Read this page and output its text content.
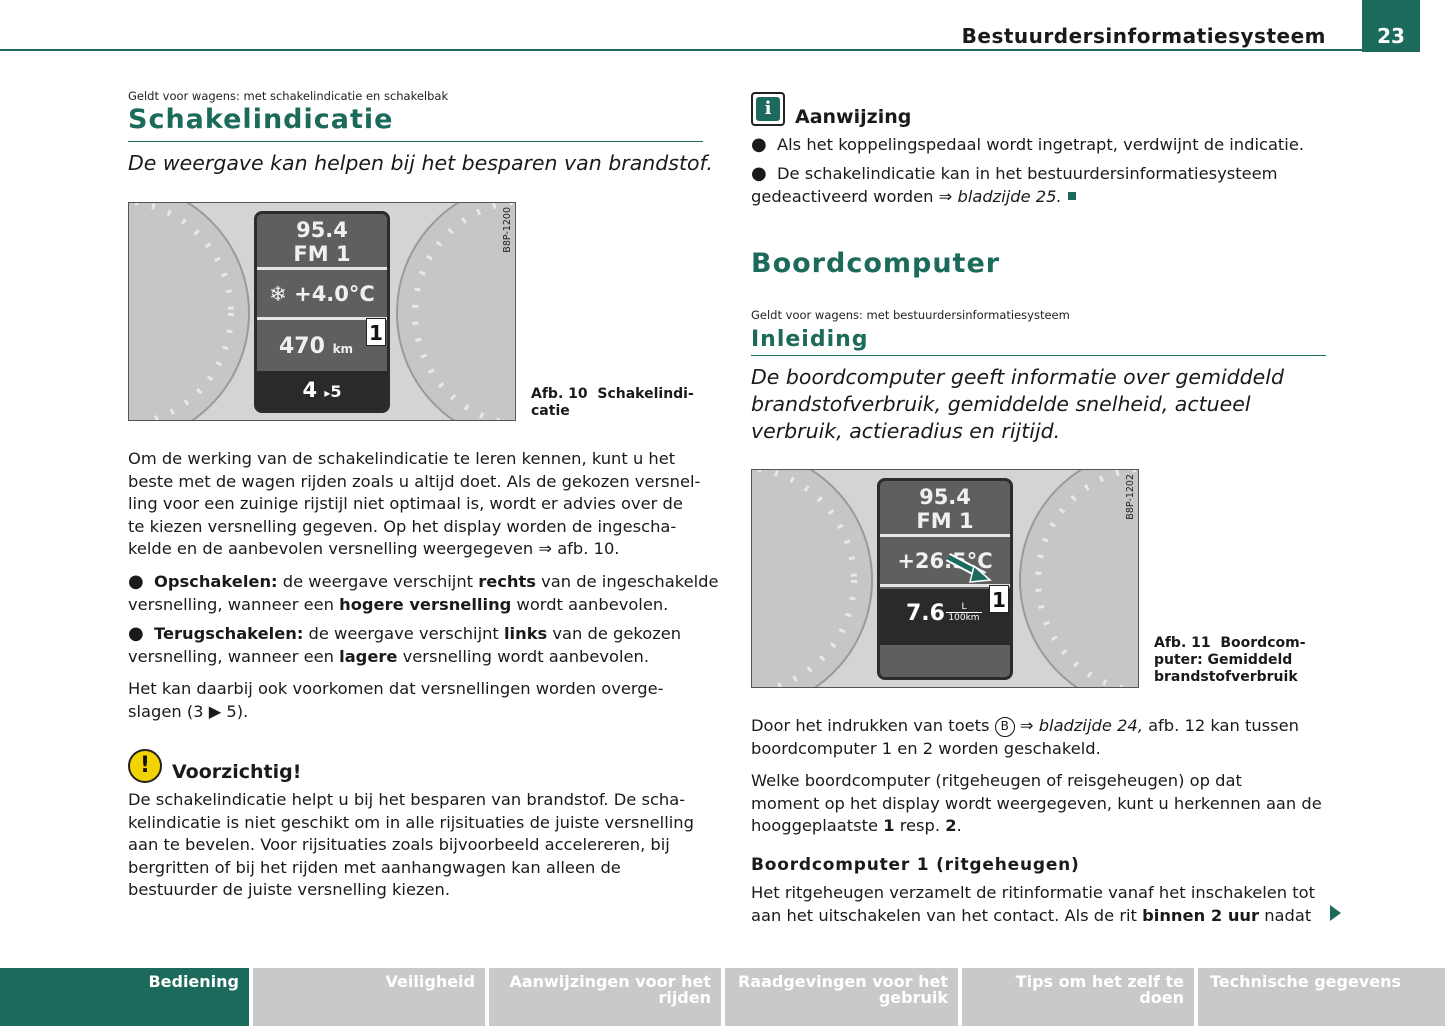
Bestuurdersinformatiesysteem	23
Geldt voor wagens: met schakelindicatie en schakelbak
Schakelindicatie
De weergave kan helpen bij het besparen van brandstof.
95.4
FM 1
❄ +4.0°C
470 km
4 ▸5
1
B8P-1200
Afb. 10 Schakelindi-
catie
Om de werking van de schakelindicatie te leren kennen, kunt u het
beste met de wagen rijden zoals u altijd doet. Als de gekozen versnel-
ling voor een zuinige rijstijl niet optimaal is, wordt er advies over de
te kiezen versnelling gegeven. Op het display worden de ingescha-
kelde en de aanbevolen versnelling weergegeven ⇒ afb. 10.
● Opschakelen: de weergave verschijnt rechts van de ingeschakelde
versnelling, wanneer een hogere versnelling wordt aanbevolen.
● Terugschakelen: de weergave verschijnt links van de gekozen
versnelling, wanneer een lagere versnelling wordt aanbevolen.
Het kan daarbij ook voorkomen dat versnellingen worden overge-
slagen (3 ▶ 5).
!	Voorzichtig!
De schakelindicatie helpt u bij het besparen van brandstof. De scha-
kelindicatie is niet geschikt om in alle rijsituaties de juiste versnelling
aan te bevelen. Voor rijsituaties zoals bijvoorbeeld accelereren, bij
bergritten of bij het rijden met aanhangwagen kan alleen de
bestuurder de juiste versnelling kiezen.
i	Aanwijzing
● Als het koppelingspedaal wordt ingetrapt, verdwijnt de indicatie.
● De schakelindicatie kan in het bestuurdersinformatiesysteem
gedeactiveerd worden ⇒ bladzijde 25.
Boordcomputer
Geldt voor wagens: met bestuurdersinformatiesysteem
Inleiding
De boordcomputer geeft informatie over gemiddeld
brandstofverbruik, gemiddelde snelheid, actueel
verbruik, actieradius en rijtijd.
95.4
FM 1
+26.5°C
7.6	L
100km
1
B8P-1202
Afb. 11 Boordcom-
puter: Gemiddeld
brandstofverbruik
Door het indrukken van toets B ⇒ bladzijde 24, afb. 12 kan tussen
boordcomputer 1 en 2 worden geschakeld.
Welke boordcomputer (ritgeheugen of reisgeheugen) op dat
moment op het display wordt weergegeven, kunt u herkennen aan de
hooggeplaatste 1 resp. 2.
Boordcomputer 1 (ritgeheugen)
Het ritgeheugen verzamelt de ritinformatie vanaf het inschakelen tot
aan het uitschakelen van het contact. Als de rit binnen 2 uur nadat
Bediening	Veiligheid	Aanwijzingen voor het rijden
Raadgevingen voor het gebruik
Tips om het zelf te doen
Technische gegevens
